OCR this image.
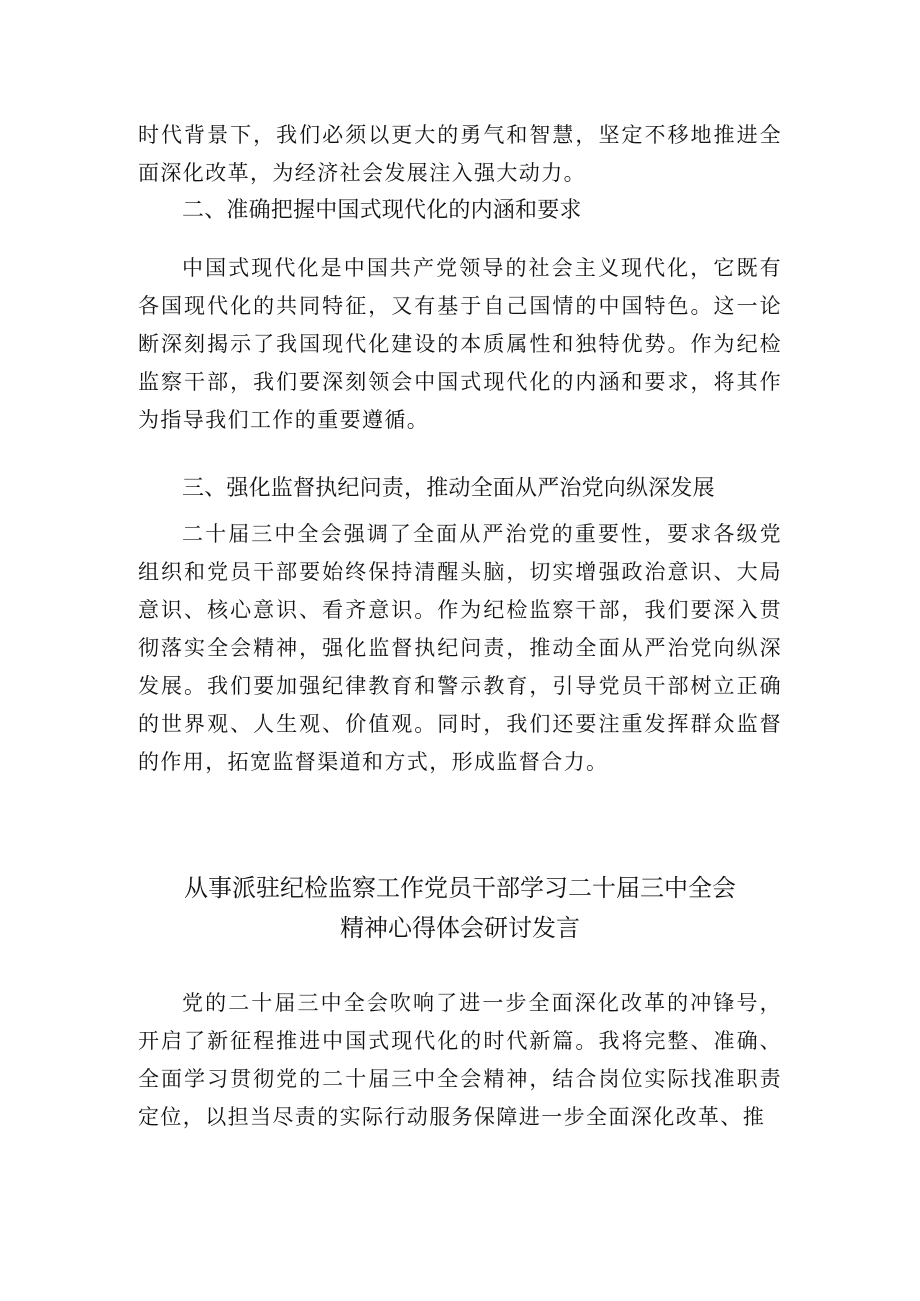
时代背景下，我们必须以更大的勇气和智慧，坚定不移地推进全面深化改革，为经济社会发展注入强大动力。

二、准确把握中国式现代化的内涵和要求

中国式现代化是中国共产党领导的社会主义现代化，它既有各国现代化的共同特征，又有基于自己国情的中国特色。这一论断深刻揭示了我国现代化建设的本质属性和独特优势。作为纪检监察干部，我们要深刻领会中国式现代化的内涵和要求，将其作为指导我们工作的重要遵循。

三、强化监督执纪问责，推动全面从严治党向纵深发展

二十届三中全会强调了全面从严治党的重要性，要求各级党组织和党员干部要始终保持清醒头脑，切实增强政治意识、大局意识、核心意识、看齐意识。作为纪检监察干部，我们要深入贯彻落实全会精神，强化监督执纪问责，推动全面从严治党向纵深发展。我们要加强纪律教育和警示教育，引导党员干部树立正确的世界观、人生观、价值观。同时，我们还要注重发挥群众监督的作用，拓宽监督渠道和方式，形成监督合力。

从事派驻纪检监察工作党员干部学习二十届三中全会
精神心得体会研讨发言

党的二十届三中全会吹响了进一步全面深化改革的冲锋号，开启了新征程推进中国式现代化的时代新篇。我将完整、准确、全面学习贯彻党的二十届三中全会精神，结合岗位实际找准职责定位，以担当尽责的实际行动服务保障进一步全面深化改革、推
